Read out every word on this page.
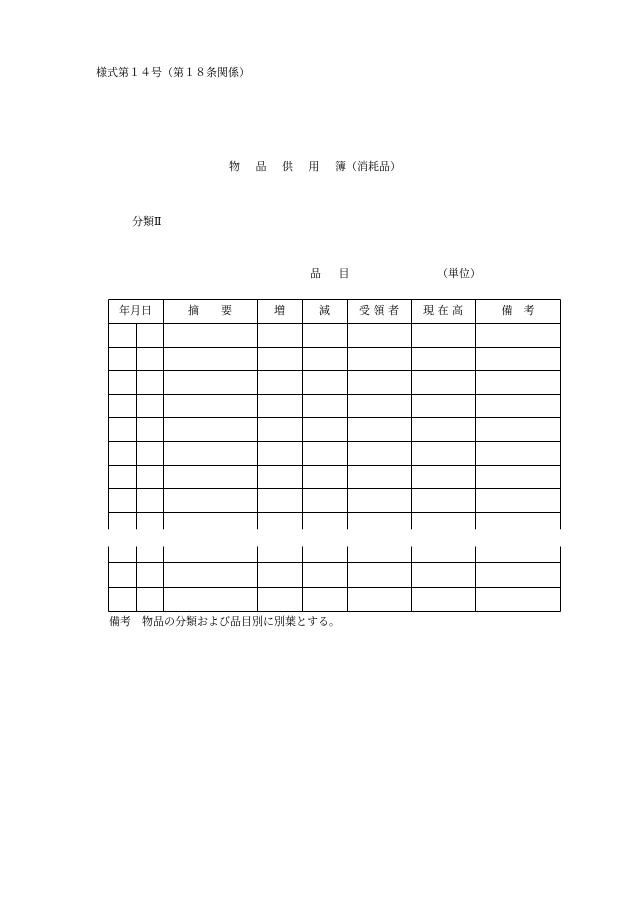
様式第１４号（第１８条関係）
物 品 供 用 簿（消耗品）
分類Ⅱ
品 目	（単位）
年月日	摘　　要	増	減	受 領 者	現 在 高	備　考
備考　物品の分類および品目別に別葉とする。
